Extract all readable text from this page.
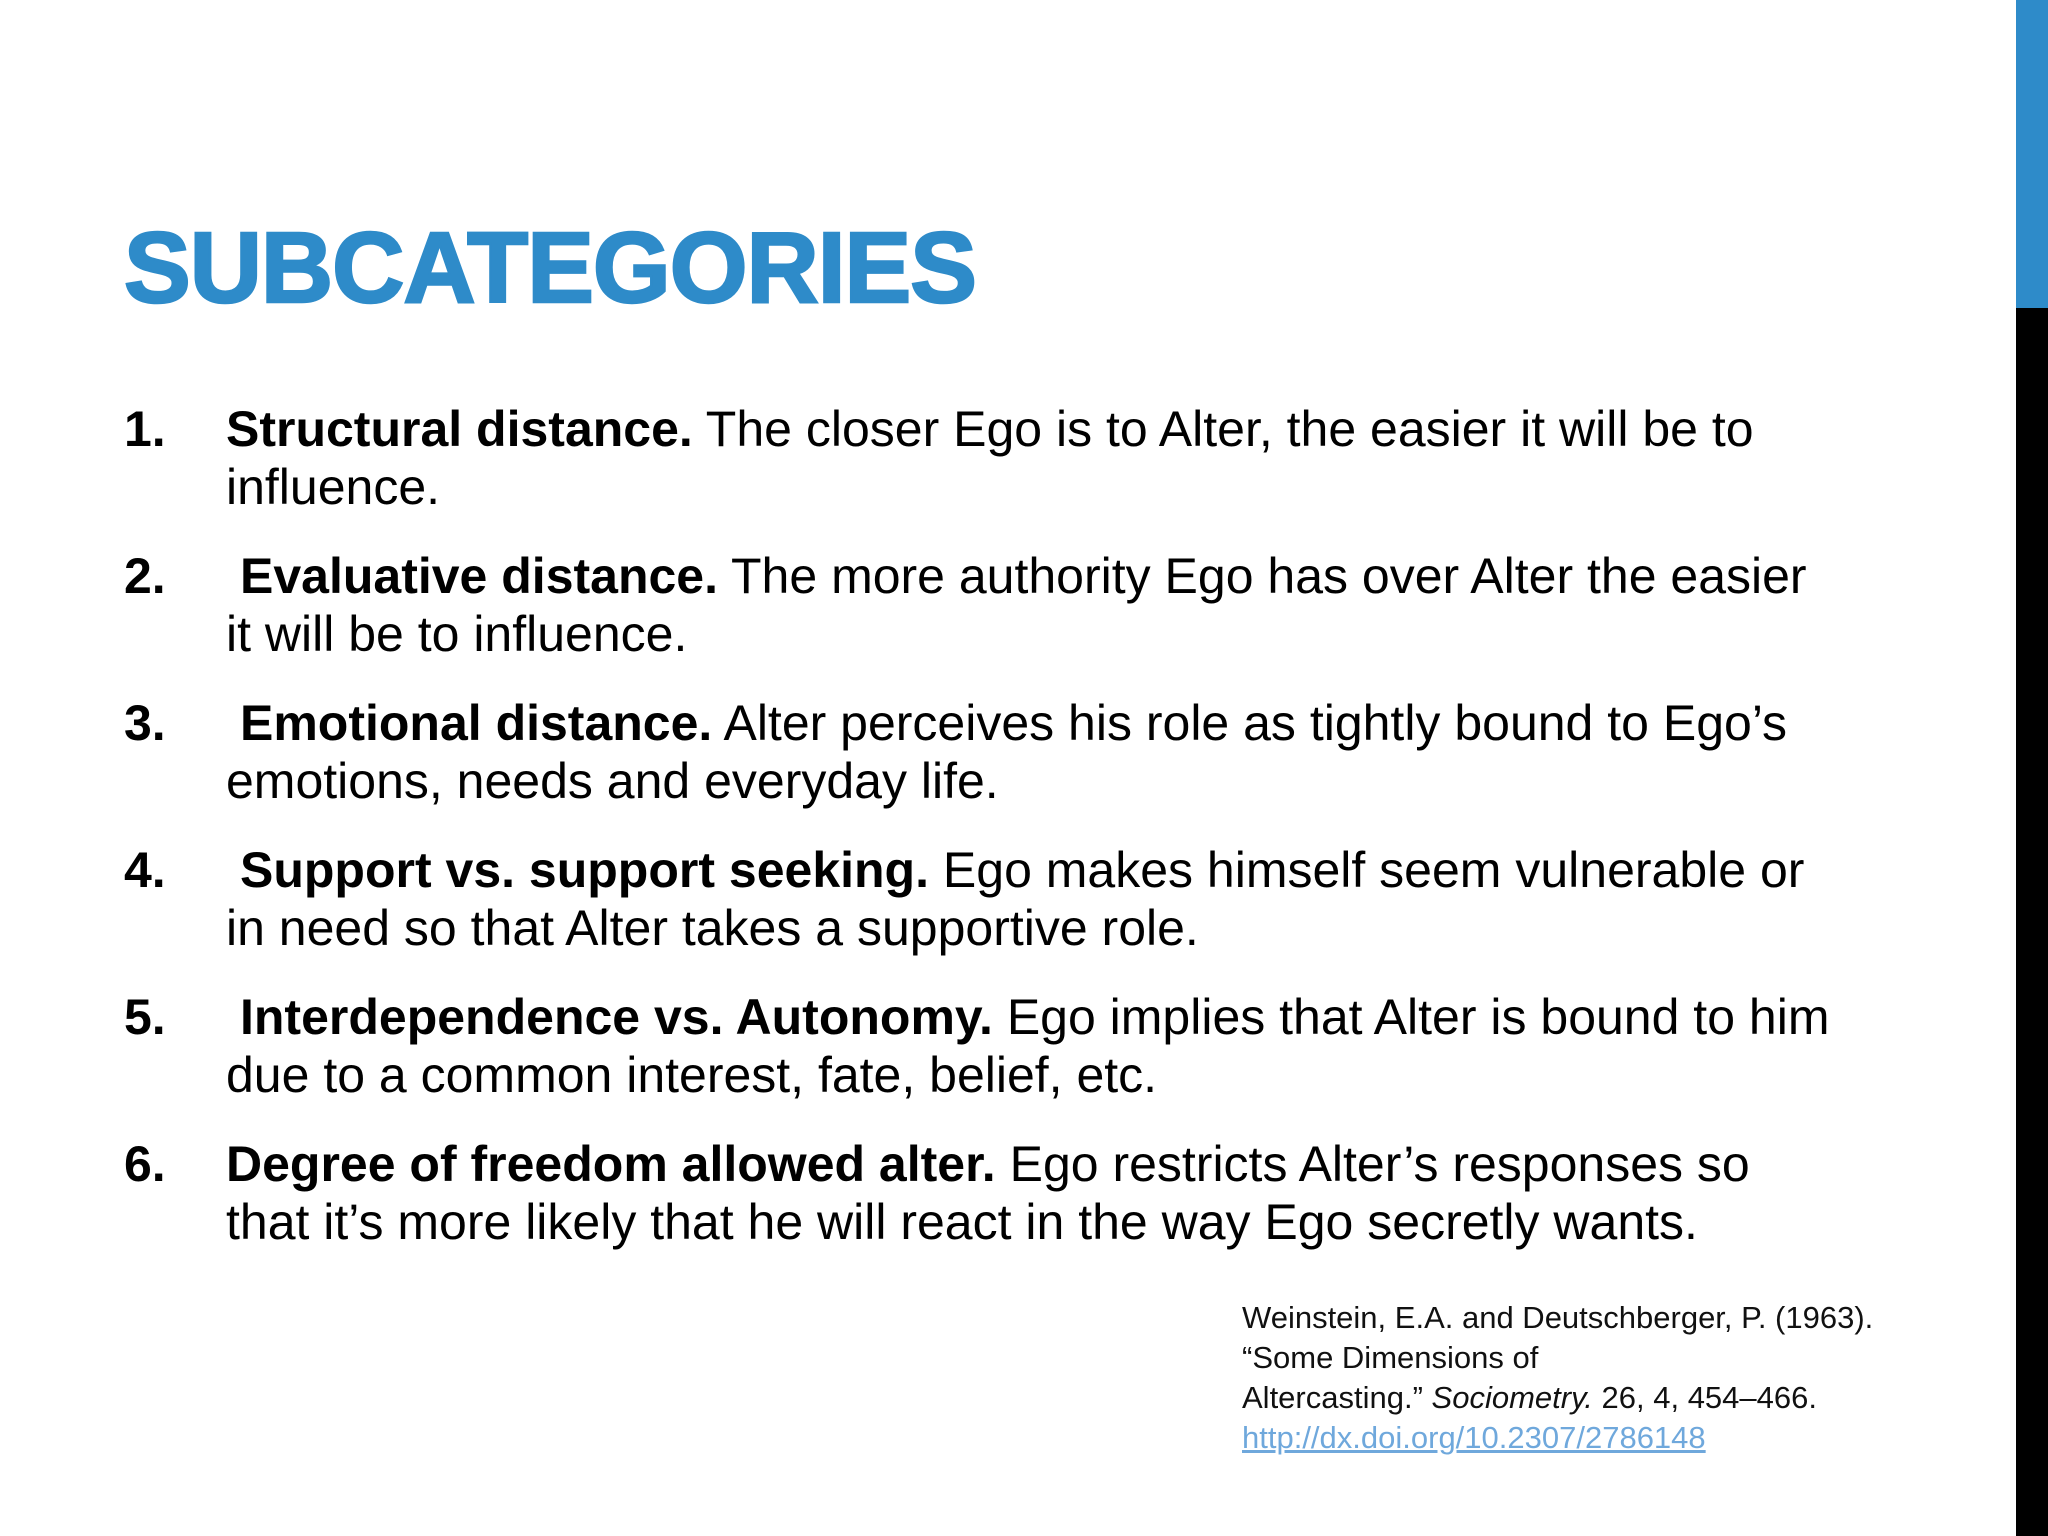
SUBCATEGORIES
1. Structural distance. The closer Ego is to Alter, the easier it will be to influence.
2. Evaluative distance. The more authority Ego has over Alter the easier it will be to influence.
3. Emotional distance. Alter perceives his role as tightly bound to Ego’s emotions, needs and everyday life.
4. Support vs. support seeking. Ego makes himself seem vulnerable or in need so that Alter takes a supportive role.
5. Interdependence vs. Autonomy. Ego implies that Alter is bound to him due to a common interest, fate, belief, etc.
6. Degree of freedom allowed alter. Ego restricts Alter’s responses so that it’s more likely that he will react in the way Ego secretly wants.
Weinstein, E.A. and Deutschberger, P. (1963).
“Some Dimensions of
Altercasting.” Sociometry. 26, 4, 454–466.
http://dx.doi.org/10.2307/2786148
